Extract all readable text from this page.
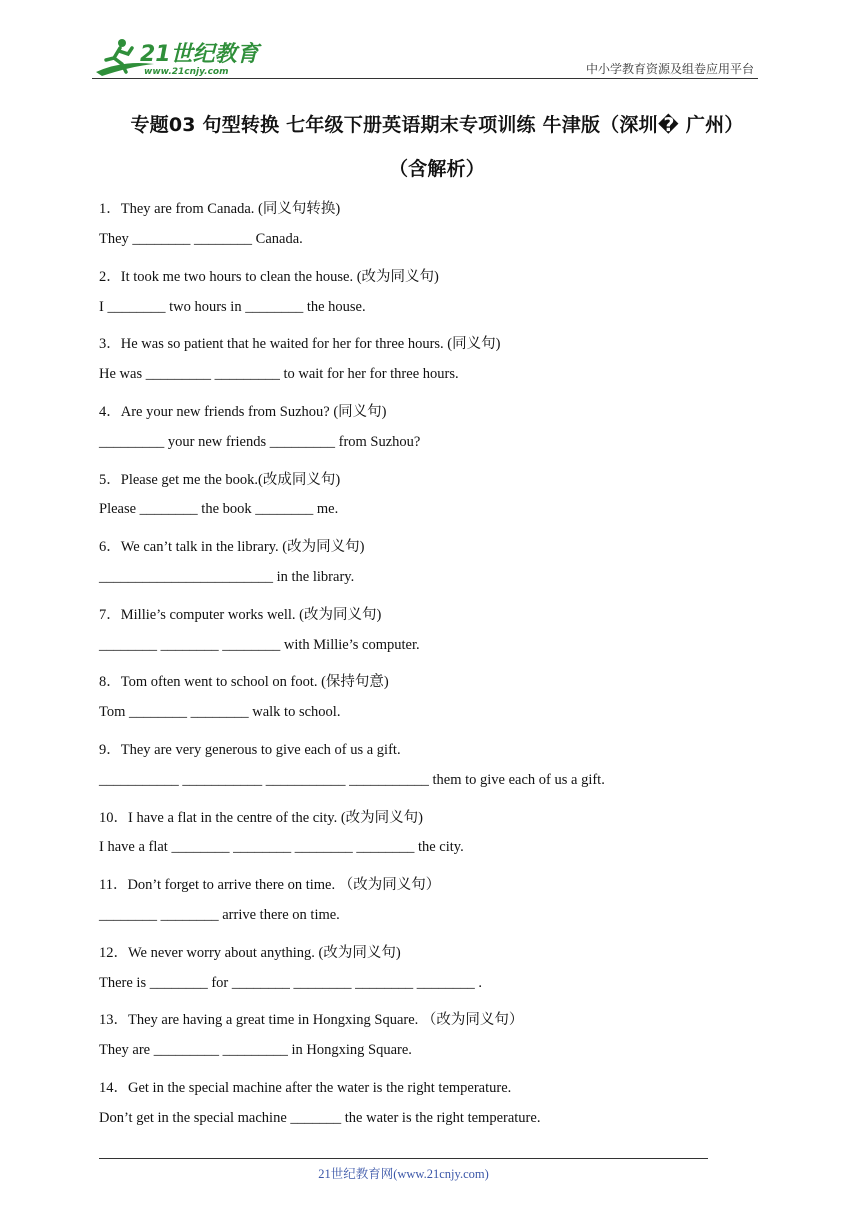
21世纪教育
www.21cnjy.com	中小学教育资源及组卷应用平台
专题03 句型转换 七年级下册英语期末专项训练 牛津版（深圳� 广州）
（含解析）
1．They are from Canada. (同义句转换)
They ________ ________ Canada.
2．It took me two hours to clean the house. (改为同义句)
I ________ two hours in ________ the house.
3．He was so patient that he waited for her for three hours. (同义句)
He was _________ _________ to wait for her for three hours.
4．Are your new friends from Suzhou? (同义句)
_________ your new friends _________ from Suzhou?
5．Please get me the book.(改成同义句)
Please ________ the book ________ me.
6．We can’t talk in the library. (改为同义句)
________________________ in the library.
7．Millie’s computer works well. (改为同义句)
________ ________ ________ with Millie’s computer.
8．Tom often went to school on foot. (保持句意)
Tom ________ ________ walk to school.
9．They are very generous to give each of us a gift.
___________ ___________ ___________ ___________ them to give each of us a gift.
10．I have a flat in the centre of the city. (改为同义句)
I have a flat ________ ________ ________ ________ the city.
11．Don’t forget to arrive there on time. （改为同义句）
________ ________ arrive there on time.
12．We never worry about anything. (改为同义句)
There is ________ for ________ ________ ________ ________ .
13．They are having a great time in Hongxing Square. （改为同义句）
They are _________ _________ in Hongxing Square.
14．Get in the special machine after the water is the right temperature.
Don’t get in the special machine _______ the water is the right temperature.
21世纪教育网(www.21cnjy.com)
